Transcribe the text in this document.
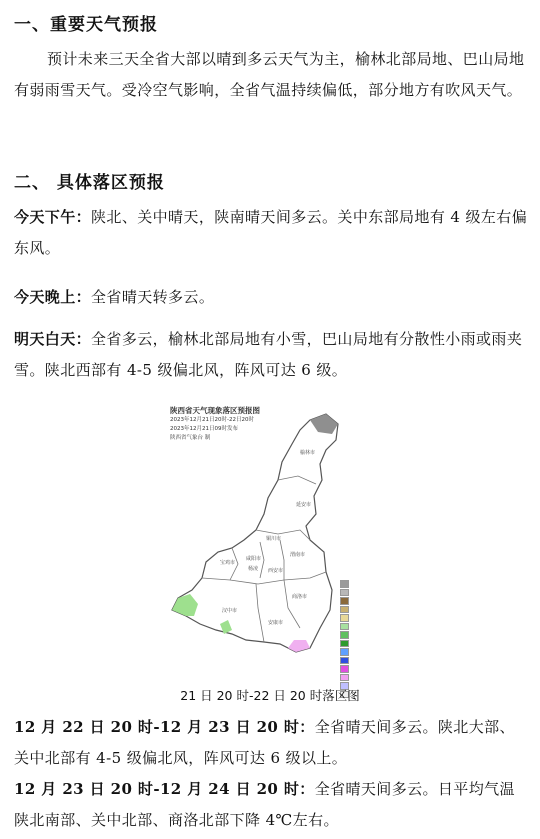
一、重要天气预报
预计未来三天全省大部以晴到多云天气为主，榆林北部局地、巴山局地有弱雨雪天气。受冷空气影响，全省气温持续偏低，部分地方有吹风天气。
二、 具体落区预报
今天下午：陕北、关中晴天，陕南晴天间多云。关中东部局地有 4 级左右偏东风。
今天晚上：全省晴天转多云。
明天白天：全省多云，榆林北部局地有小雪，巴山局地有分散性小雨或雨夹雪。陕北西部有 4-5 级偏北风，阵风可达 6 级。
榆林市
延安市
铜川市
渭南市
宝鸡市
咸阳市
西安市
商洛市
汉中市
安康市
杨凌
陕西省天气现象落区预报图
2023年12月21日20时-22日20时
2023年12月21日09时发布
陕西省气象台 制
21 日 20 时-22 日 20 时落区图
12 月 22 日 20 时-12 月 23 日 20 时：全省晴天间多云。陕北大部、关中北部有 4-5 级偏北风，阵风可达 6 级以上。
12 月 23 日 20 时-12 月 24 日 20 时：全省晴天间多云。日平均气温陕北南部、关中北部、商洛北部下降 4℃左右。
